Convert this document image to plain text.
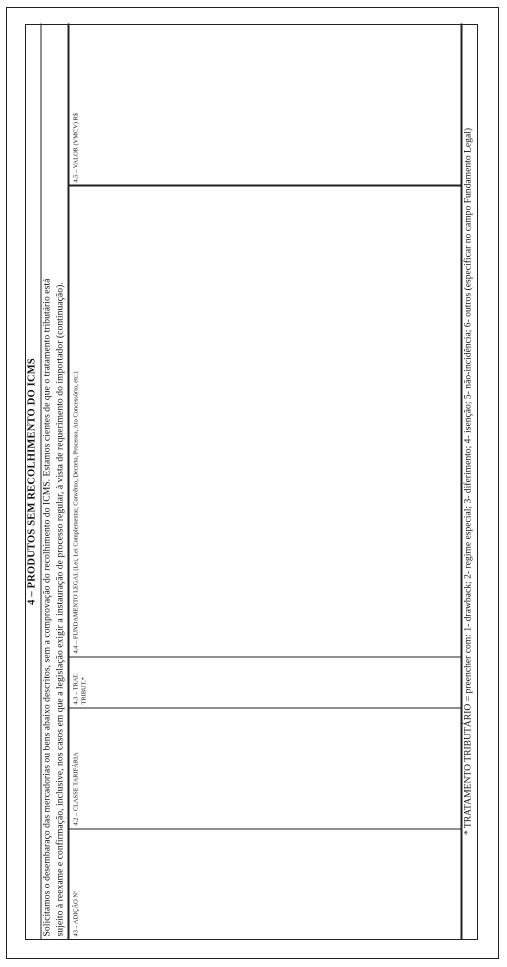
4 – PRODUTOS SEM RECOLHIMENTO DO ICMS Solicitamos o desembaraço das mercadorias ou bens abaixo descritos, sem a comprovação do recolhimento do ICMS. Estamos cientes de que o tratamento tributário está sujeito à reexame e confirmação, inclusive, nos casos em que a legislação exigir a instauração de processo regular, à vista de requerimento do importador (continuação). 43 – ADIÇÃO Nº
4.2 – CLASSE TARIFÁRIA
4.3 – TRAT.
TRIBUT.*
4.4 – FUNDAMENTO LEGAL (Lei, Lei Complementar, Convênio, Decreto, Processo, Ato Concessório, etc.)
4.5 – VALOR (VMCV) R$	* TRATAMENTO TRIBUTÁRIO = preencher com: 1- drawback; 2- regime especial; 3- diferimento; 4- isenção; 5- não-incidência; 6- outros (especificar no campo Fundamento Legal)
